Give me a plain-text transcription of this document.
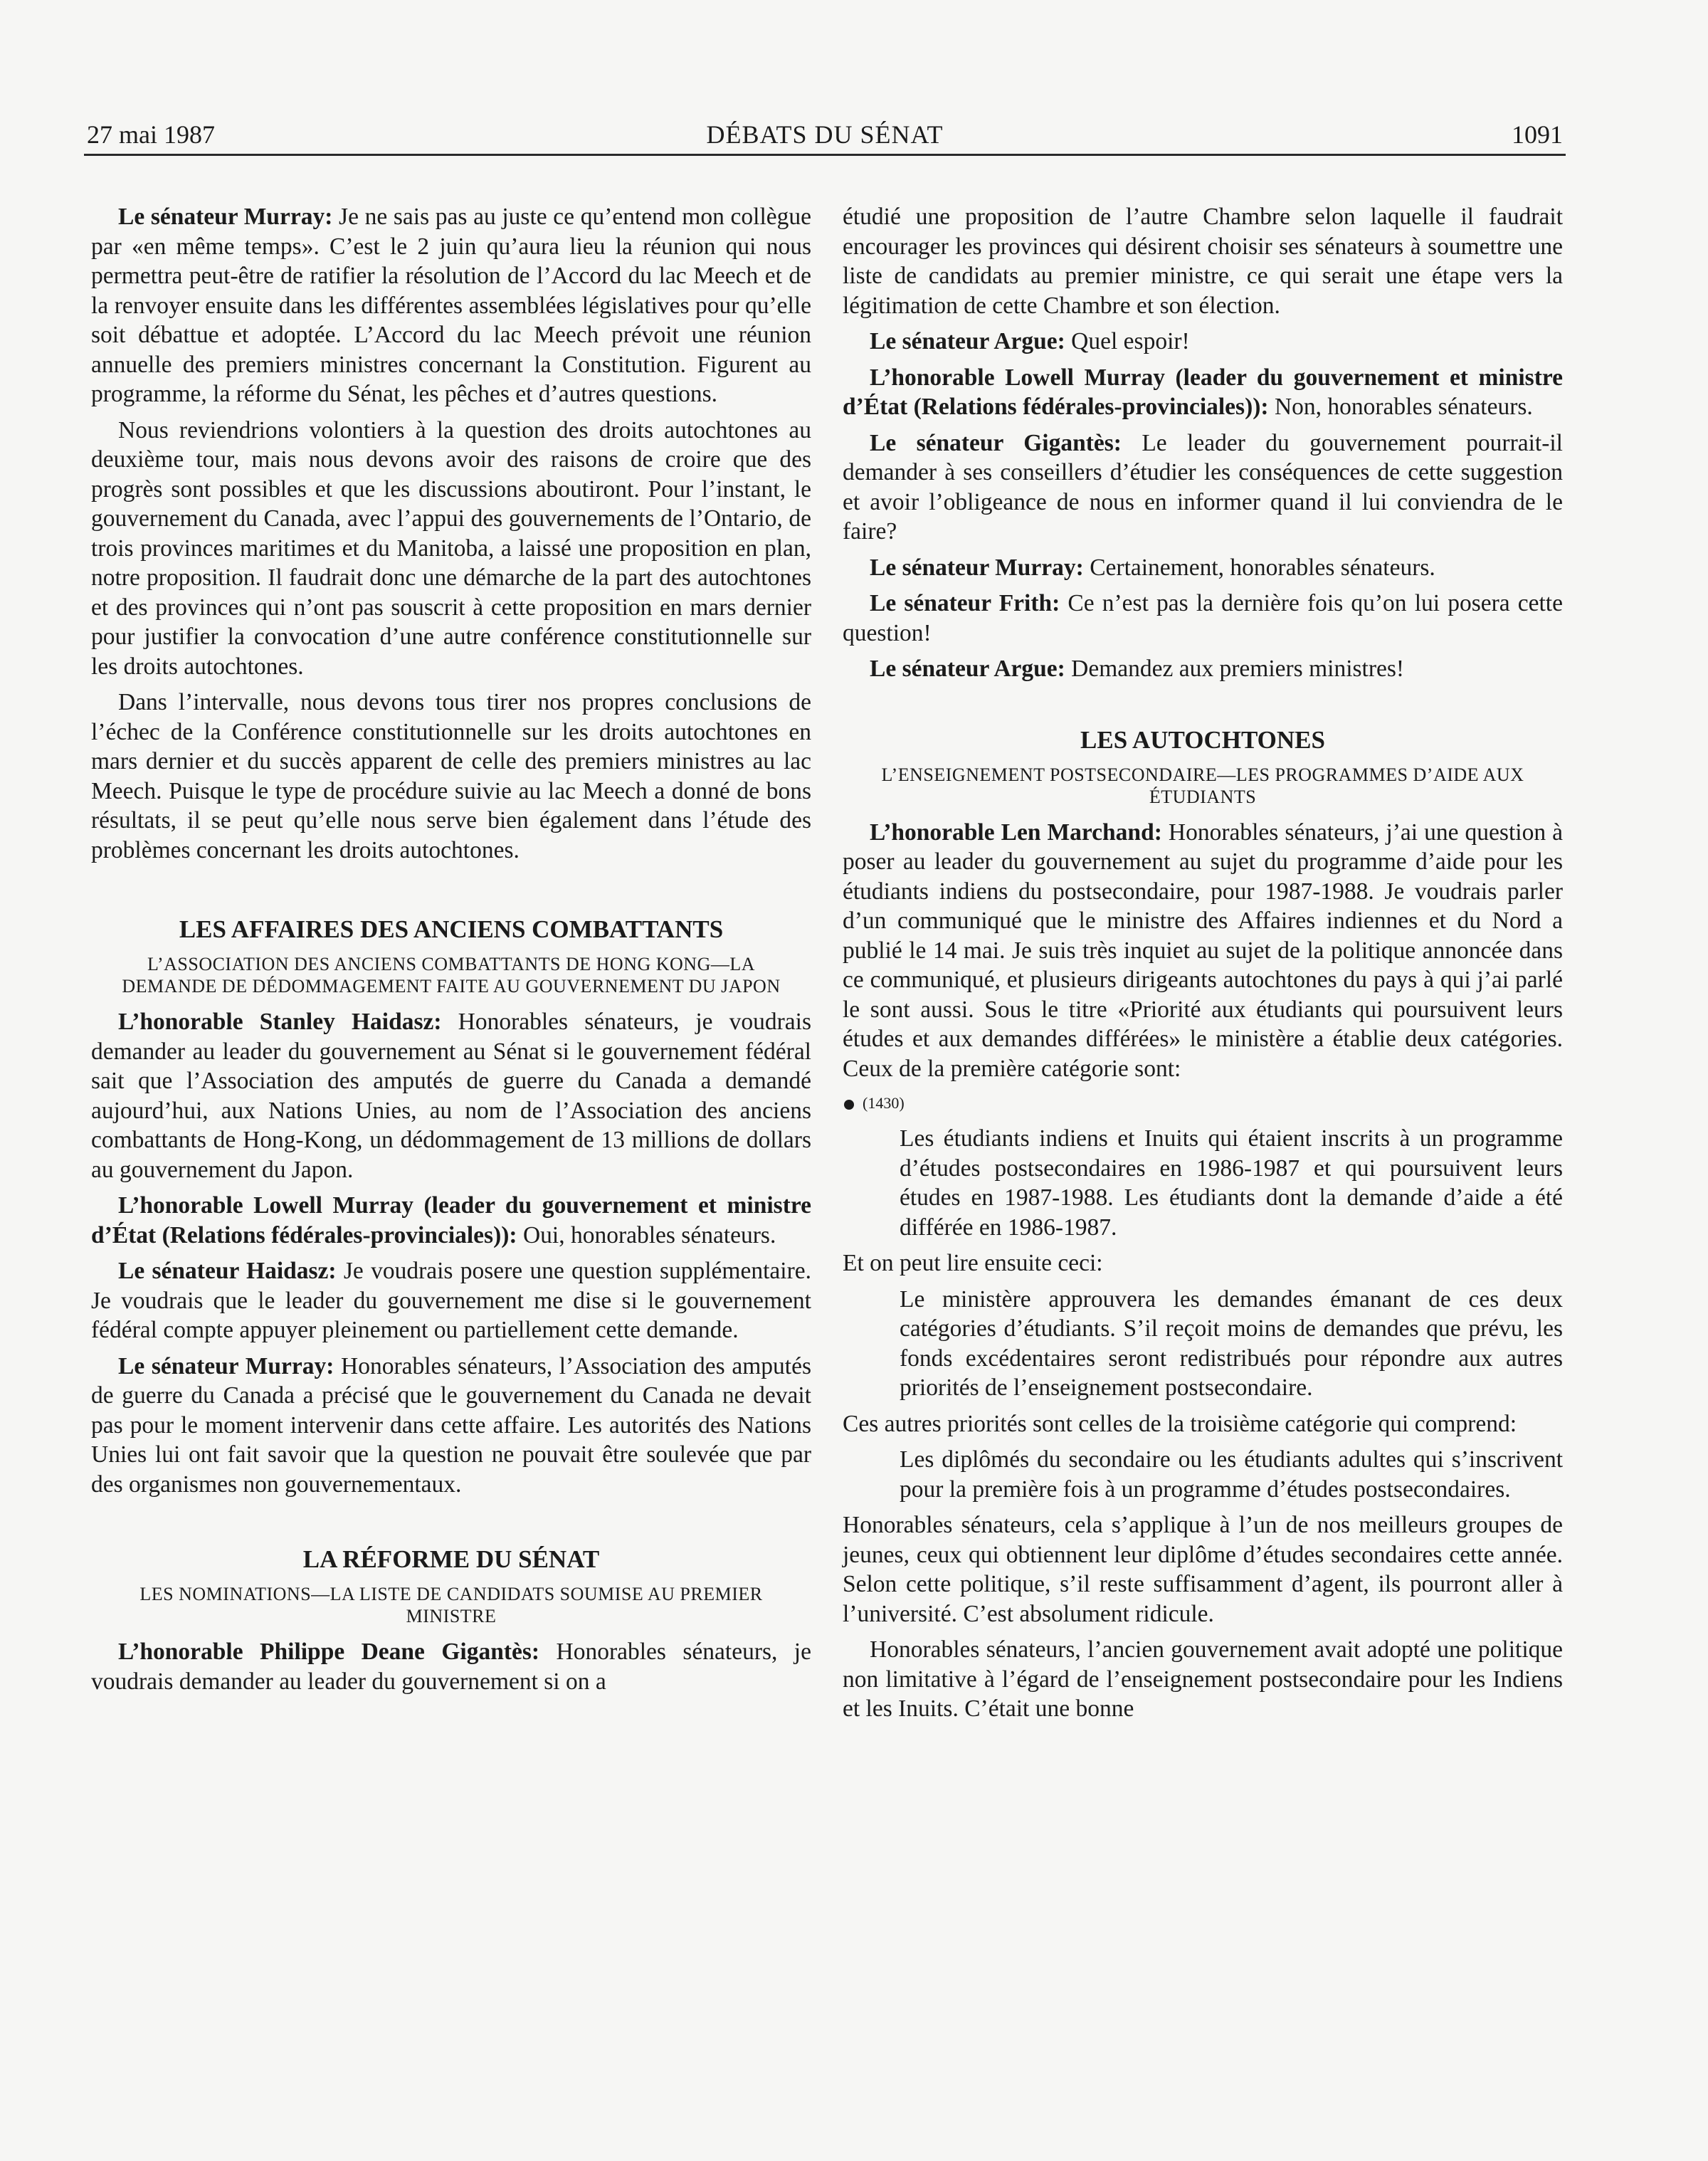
27 mai 1987	DÉBATS DU SÉNAT	1091

Le sénateur Murray: Je ne sais pas au juste ce qu’entend mon collègue par «en même temps». C’est le 2 juin qu’aura lieu la réunion qui nous permettra peut-être de ratifier la résolution de l’Accord du lac Meech et de la renvoyer ensuite dans les différentes assemblées législatives pour qu’elle soit débattue et adoptée. L’Accord du lac Meech prévoit une réunion annuelle des premiers ministres concernant la Constitution. Figurent au programme, la réforme du Sénat, les pêches et d’autres questions.

Nous reviendrions volontiers à la question des droits autochtones au deuxième tour, mais nous devons avoir des raisons de croire que des progrès sont possibles et que les discussions aboutiront. Pour l’instant, le gouvernement du Canada, avec l’appui des gouvernements de l’Ontario, de trois provinces maritimes et du Manitoba, a laissé une proposition en plan, notre proposition. Il faudrait donc une démarche de la part des autochtones et des provinces qui n’ont pas souscrit à cette proposition en mars dernier pour justifier la convocation d’une autre conférence constitutionnelle sur les droits autochtones.

Dans l’intervalle, nous devons tous tirer nos propres conclusions de l’échec de la Conférence constitutionnelle sur les droits autochtones en mars dernier et du succès apparent de celle des premiers ministres au lac Meech. Puisque le type de procédure suivie au lac Meech a donné de bons résultats, il se peut qu’elle nous serve bien également dans l’étude des problèmes concernant les droits autochtones.

LES AFFAIRES DES ANCIENS COMBATTANTS
L’ASSOCIATION DES ANCIENS COMBATTANTS DE HONG KONG—LA DEMANDE DE DÉDOMMAGEMENT FAITE AU GOUVERNEMENT DU JAPON

L’honorable Stanley Haidasz: Honorables sénateurs, je voudrais demander au leader du gouvernement au Sénat si le gouvernement fédéral sait que l’Association des amputés de guerre du Canada a demandé aujourd’hui, aux Nations Unies, au nom de l’Association des anciens combattants de Hong-Kong, un dédommagement de 13 millions de dollars au gouvernement du Japon.

L’honorable Lowell Murray (leader du gouvernement et ministre d’État (Relations fédérales-provinciales)): Oui, honorables sénateurs.

Le sénateur Haidasz: Je voudrais posere une question supplémentaire. Je voudrais que le leader du gouvernement me dise si le gouvernement fédéral compte appuyer pleinement ou partiellement cette demande.

Le sénateur Murray: Honorables sénateurs, l’Association des amputés de guerre du Canada a précisé que le gouvernement du Canada ne devait pas pour le moment intervenir dans cette affaire. Les autorités des Nations Unies lui ont fait savoir que la question ne pouvait être soulevée que par des organismes non gouvernementaux.

LA RÉFORME DU SÉNAT
LES NOMINATIONS—LA LISTE DE CANDIDATS SOUMISE AU PREMIER MINISTRE

L’honorable Philippe Deane Gigantès: Honorables sénateurs, je voudrais demander au leader du gouvernement si on a

étudié une proposition de l’autre Chambre selon laquelle il faudrait encourager les provinces qui désirent choisir ses sénateurs à soumettre une liste de candidats au premier ministre, ce qui serait une étape vers la légitimation de cette Chambre et son élection.

Le sénateur Argue: Quel espoir!

L’honorable Lowell Murray (leader du gouvernement et ministre d’État (Relations fédérales-provinciales)): Non, honorables sénateurs.

Le sénateur Gigantès: Le leader du gouvernement pourrait-il demander à ses conseillers d’étudier les conséquences de cette suggestion et avoir l’obligeance de nous en informer quand il lui conviendra de le faire?

Le sénateur Murray: Certainement, honorables sénateurs.

Le sénateur Frith: Ce n’est pas la dernière fois qu’on lui posera cette question!

Le sénateur Argue: Demandez aux premiers ministres!

LES AUTOCHTONES
L’ENSEIGNEMENT POSTSECONDAIRE—LES PROGRAMMES D’AIDE AUX ÉTUDIANTS

L’honorable Len Marchand: Honorables sénateurs, j’ai une question à poser au leader du gouvernement au sujet du programme d’aide pour les étudiants indiens du postsecondaire, pour 1987-1988. Je voudrais parler d’un communiqué que le ministre des Affaires indiennes et du Nord a publié le 14 mai. Je suis très inquiet au sujet de la politique annoncée dans ce communiqué, et plusieurs dirigeants autochtones du pays à qui j’ai parlé le sont aussi. Sous le titre «Priorité aux étudiants qui poursuivent leurs études et aux demandes différées» le ministère a établie deux catégories. Ceux de la première catégorie sont:

(1430)
Les étudiants indiens et Inuits qui étaient inscrits à un programme d’études postsecondaires en 1986-1987 et qui poursuivent leurs études en 1987-1988. Les étudiants dont la demande d’aide a été différée en 1986-1987.

Et on peut lire ensuite ceci:

Le ministère approuvera les demandes émanant de ces deux catégories d’étudiants. S’il reçoit moins de demandes que prévu, les fonds excédentaires seront redistribués pour répondre aux autres priorités de l’enseignement postsecondaire.

Ces autres priorités sont celles de la troisième catégorie qui comprend:

Les diplômés du secondaire ou les étudiants adultes qui s’inscrivent pour la première fois à un programme d’études postsecondaires.

Honorables sénateurs, cela s’applique à l’un de nos meilleurs groupes de jeunes, ceux qui obtiennent leur diplôme d’études secondaires cette année. Selon cette politique, s’il reste suffisamment d’agent, ils pourront aller à l’université. C’est absolument ridicule.

Honorables sénateurs, l’ancien gouvernement avait adopté une politique non limitative à l’égard de l’enseignement postsecondaire pour les Indiens et les Inuits. C’était une bonne
